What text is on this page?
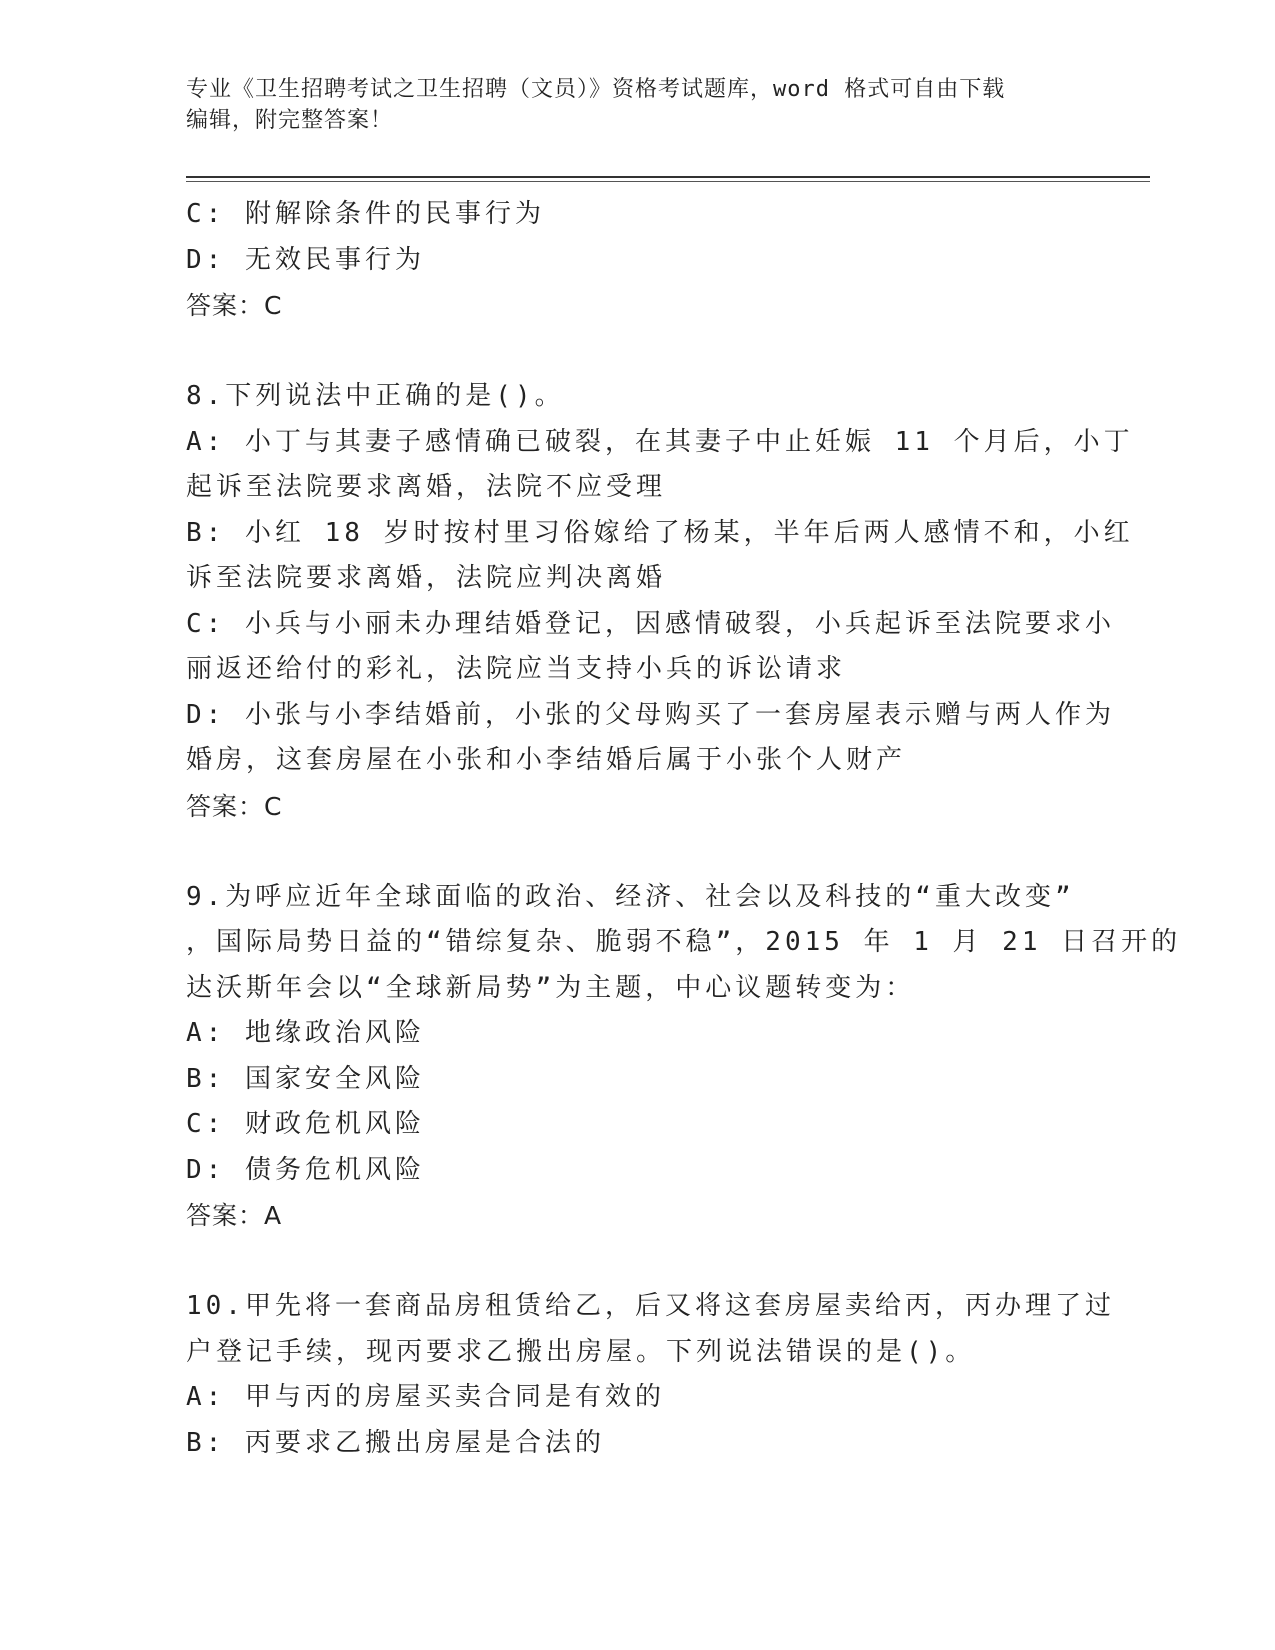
专业《卫生招聘考试之卫生招聘（文员）》资格考试题库，word 格式可自由下载
编辑，附完整答案！
C: 附解除条件的民事行为
D: 无效民事行为
答案：C
8.下列说法中正确的是()。
A: 小丁与其妻子感情确已破裂，在其妻子中止妊娠 11 个月后，小丁
起诉至法院要求离婚，法院不应受理
B: 小红 18 岁时按村里习俗嫁给了杨某，半年后两人感情不和，小红
诉至法院要求离婚，法院应判决离婚
C: 小兵与小丽未办理结婚登记，因感情破裂，小兵起诉至法院要求小
丽返还给付的彩礼，法院应当支持小兵的诉讼请求
D: 小张与小李结婚前，小张的父母购买了一套房屋表示赠与两人作为
婚房，这套房屋在小张和小李结婚后属于小张个人财产
答案：C
9.为呼应近年全球面临的政治、经济、社会以及科技的“重大改变”
，国际局势日益的“错综复杂、脆弱不稳”，2015 年 1 月 21 日召开的
达沃斯年会以“全球新局势”为主题，中心议题转变为：
A: 地缘政治风险
B: 国家安全风险
C: 财政危机风险
D: 债务危机风险
答案：A
10.甲先将一套商品房租赁给乙，后又将这套房屋卖给丙，丙办理了过
户登记手续，现丙要求乙搬出房屋。下列说法错误的是()。
A: 甲与丙的房屋买卖合同是有效的
B: 丙要求乙搬出房屋是合法的
